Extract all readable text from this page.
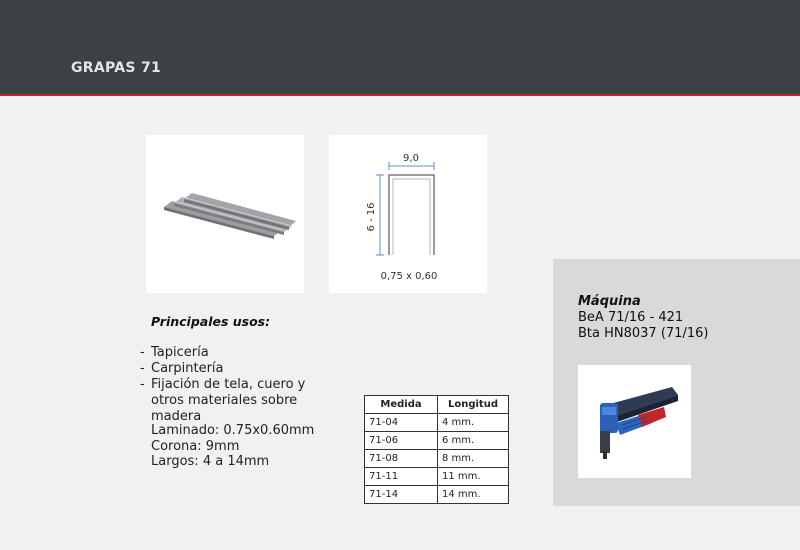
GRAPAS 71
9,0
6 - 16
0,75 x 0,60
Principales usos:
- Tapicería
- Carpintería
- Fijación de tela, cuero y otros materiales sobre madera
Laminado: 0.75x0.60mm
Corona: 9mm
Largos: 4 a 14mm
Medida	Longitud
71-04	4 mm.
71-06	6 mm.
71-08	8 mm.
71-11	11 mm.
71-14	14 mm.
Máquina
BeA 71/16 - 421
Bta HN8037 (71/16)
